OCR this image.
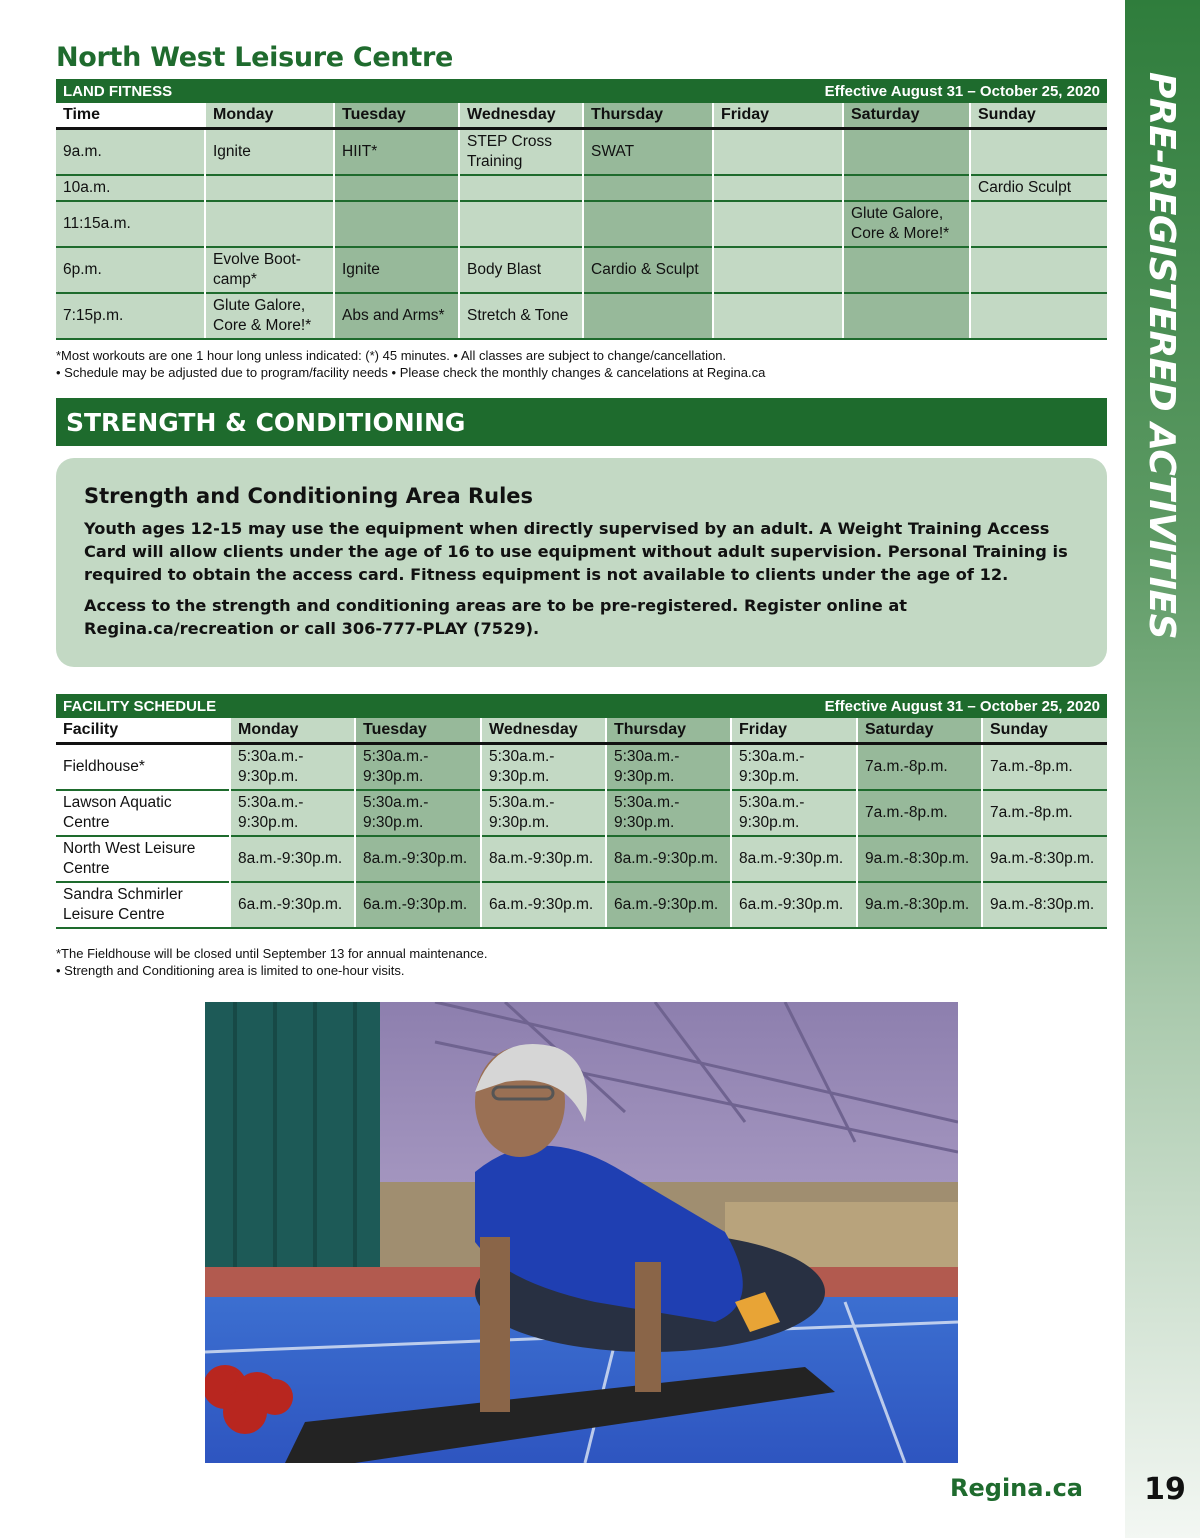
PRE-REGISTERED ACTIVITIES
North West Leisure Centre
LAND FITNESS	Effective August 31 – October 25, 2020
Time	Monday	Tuesday	Wednesday	Thursday	Friday	Saturday	Sunday
9a.m.	Ignite	HIIT*	STEP Cross Training	SWAT			
10a.m.							Cardio Sculpt
11:15a.m.						Glute Galore, Core & More!*	
6p.m.	Evolve Boot-camp*	Ignite	Body Blast	Cardio & Sculpt			
7:15p.m.	Glute Galore, Core & More!*	Abs and Arms*	Stretch & Tone				
*Most workouts are one 1 hour long unless indicated: (*) 45 minutes. • All classes are subject to change/cancellation.
• Schedule may be adjusted due to program/facility needs • Please check the monthly changes & cancelations at Regina.ca
STRENGTH & CONDITIONING
Strength and Conditioning Area Rules

Youth ages 12-15 may use the equipment when directly supervised by an adult. A Weight Training Access Card will allow clients under the age of 16 to use equipment without adult supervision. Personal Training is required to obtain the access card. Fitness equipment is not available to clients under the age of 12.

Access to the strength and conditioning areas are to be pre-registered. Register online at Regina.ca/recreation or call 306-777-PLAY (7529).

FACILITY SCHEDULE	Effective August 31 – October 25, 2020
Facility	Monday	Tuesday	Wednesday	Thursday	Friday	Saturday	Sunday
Fieldhouse*	5:30a.m.- 9:30p.m.	5:30a.m.- 9:30p.m.	5:30a.m.- 9:30p.m.	5:30a.m.- 9:30p.m.	5:30a.m.- 9:30p.m.	7a.m.-8p.m.	7a.m.-8p.m.
Lawson Aquatic Centre	5:30a.m.- 9:30p.m.	5:30a.m.- 9:30p.m.	5:30a.m.- 9:30p.m.	5:30a.m.- 9:30p.m.	5:30a.m.- 9:30p.m.	7a.m.-8p.m.	7a.m.-8p.m.
North West Leisure Centre	8a.m.-9:30p.m.	8a.m.-9:30p.m.	8a.m.-9:30p.m.	8a.m.-9:30p.m.	8a.m.-9:30p.m.	9a.m.-8:30p.m.	9a.m.-8:30p.m.
Sandra Schmirler Leisure Centre	6a.m.-9:30p.m.	6a.m.-9:30p.m.	6a.m.-9:30p.m.	6a.m.-9:30p.m.	6a.m.-9:30p.m.	9a.m.-8:30p.m.	9a.m.-8:30p.m.
*The Fieldhouse will be closed until September 13 for annual maintenance.
• Strength and Conditioning area is limited to one-hour visits.
Regina.ca	19
